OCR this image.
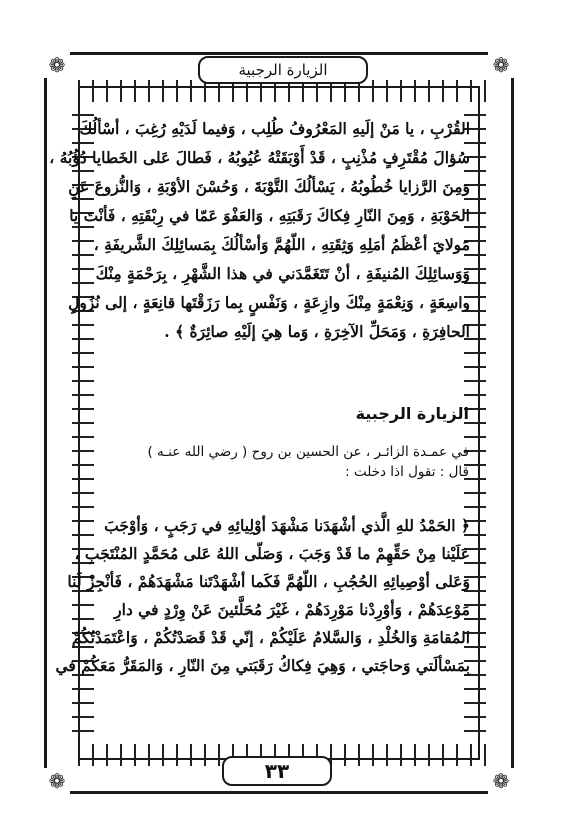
❁	❁
❁	❁
الزيارة الرجبية
القُرْبِ ، يا مَنْ إلَيهِ المَعْرُوفُ طُلِب ، وَفيما لَدَيْهِ رُغِبَ ، أسْألُكَ
سُؤالَ مُقْتَرِفٍ مُذْنِبٍ ، قَدْ أَوْبَقَتْهُ عُيُوبُهُ ، فَطالَ عَلى الخَطايا دُؤُبُهُ ،
وَمِنَ الرَّزايا خُطُوبُهُ ، يَسْألُكَ التَّوْبَةَ ، وَحُسْنَ الأوْبَةِ ، وَالنُّزوعَ عَنِ
الحَوْبَةِ ، وَمِنَ النّارِ فِكاكَ رَقَبَتِهِ ، وَالعَفْوَ عَمّا في رِبْقَتِهِ ، فَأنْتَ يا
مَولايَ أعْظَمُ أمَلِهِ وَثِقَتِهِ ، اللّهُمَّ وَأسْألُكَ بِمَسائِلِكَ الشَّريفَةِ ،
وَوَسائِلِكَ المُنيفَةِ ، أنْ تَتَغَمَّدَني في هذا الشَّهْرِ ، بِرَحْمَةٍ مِنْكَ
واسِعَةٍ ، وَنِعْمَةٍ مِنْكَ وازِعَةٍ ، وَنَفْسٍ بِما رَزَقْتَها قانِعَةٍ ، إلى نُزُولِ
الحافِرَةِ ، وَمَحَلِّ الآخِرَةِ ، وَما هِيَ إلَيْهِ صائِرَةٌ ﴾ .
الزيارة الرجبية
في عمـدة الزائـر ، عن الحسين بن روح ( رضي الله عنـه )
قال : تقول اذا دخلت :
﴿ الحَمْدُ للهِ الَّذي أشْهَدَنا مَشْهَدَ أوْلِيائِهِ في رَجَبٍ ، وَأوْجَبَ
عَلَيْنا مِنْ حَقِّهِمْ ما قَدْ وَجَبَ ، وَصَلّى اللهُ عَلى مُحَمَّدٍ المُنْتَجَبِ ،
وَعَلى أوْصِيائِهِ الحُجُبِ ، اللّهُمَّ فَكَما أشْهَدْتَنا مَشْهَدَهُمْ ، فَأنْجِزْ لَنا
مَوْعِدَهُمْ ، وَأوْرِدْنا مَوْرِدَهُمْ ، غَيْرَ مُحَلَّئينَ عَنْ وِرْدٍ في دارِ
المُقامَةِ وَالخُلْدِ ، وَالسَّلامُ عَلَيْكُمْ ، إنّي قَدْ قَصَدْتُكُمْ ، وَاعْتَمَدْتُكُمْ
بِمَسْألَتي وَحاجَتي ، وَهِيَ فِكاكُ رَقَبَتي مِنَ النّارِ ، وَالمَقَرُّ مَعَكُمْ في
٣٣
